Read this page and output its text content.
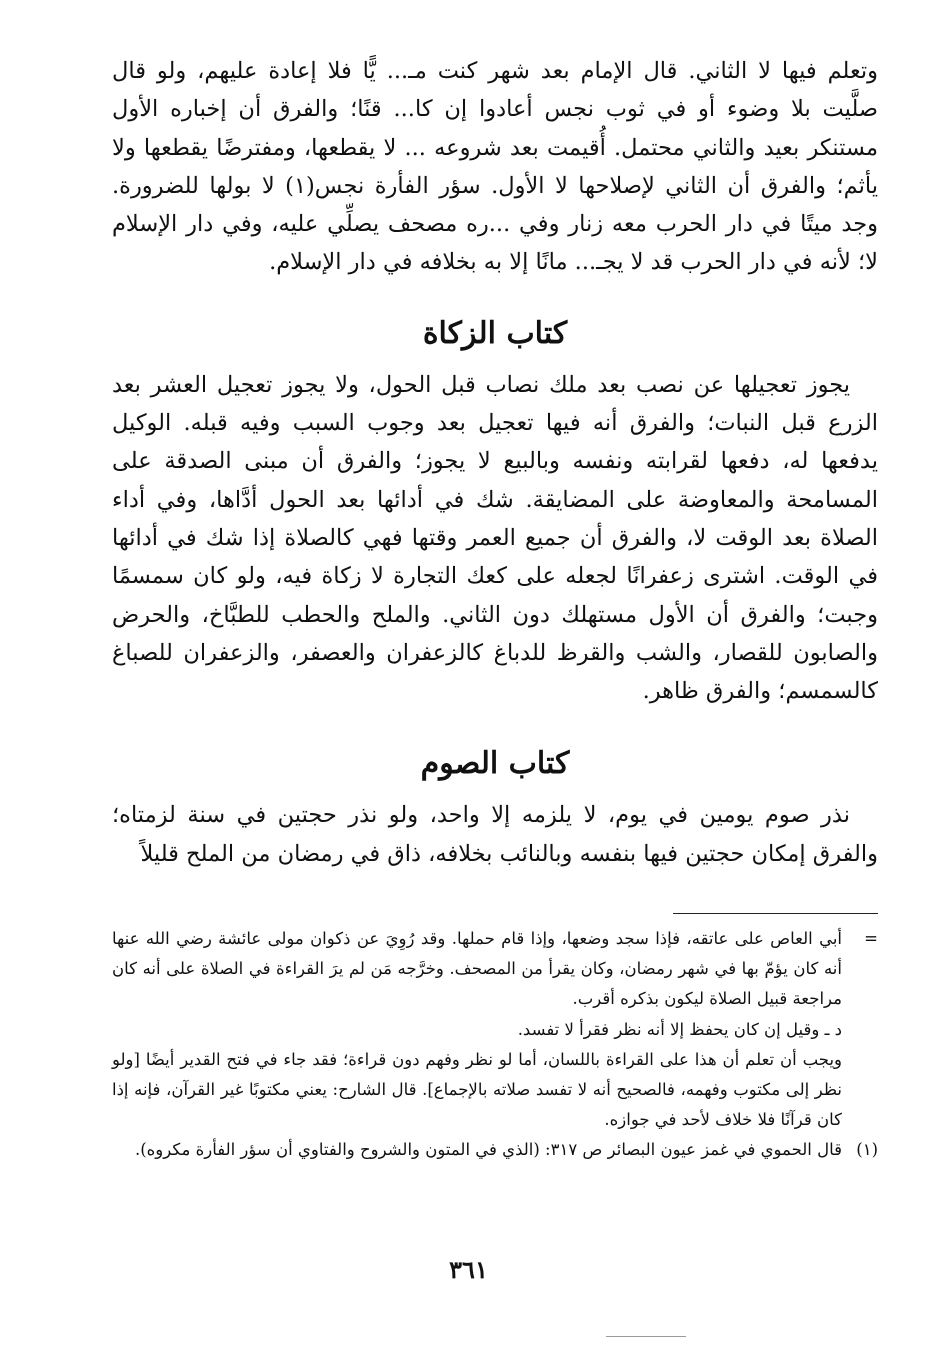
وتعلم فيها لا الثاني. قال الإمام بعد شهر كنت مـ... يًّا فلا إعادة عليهم، ولو قال صلَّيت بلا وضوء أو في ثوب نجس أعادوا إن كا... قنًا؛ والفرق أن إخباره الأول مستنكر بعيد والثاني محتمل. أُقيمت بعد شروعه ... لا يقطعها، ومفترضًا يقطعها ولا يأثم؛ والفرق أن الثاني لإصلاحها لا الأول. سؤر الفأرة نجس(١) لا بولها للضرورة. وجد ميتًا في دار الحرب معه زنار وفي ...ره مصحف يصلِّي عليه، وفي دار الإسلام لا؛ لأنه في دار الحرب قد لا يجـ... مانًا إلا به بخلافه في دار الإسلام.

كتاب الزكاة

يجوز تعجيلها عن نصب بعد ملك نصاب قبل الحول، ولا يجوز تعجيل العشر بعد الزرع قبل النبات؛ والفرق أنه فيها تعجيل بعد وجوب السبب وفيه قبله. الوكيل يدفعها له، دفعها لقرابته ونفسه وبالبيع لا يجوز؛ والفرق أن مبنى الصدقة على المسامحة والمعاوضة على المضايقة. شك في أدائها بعد الحول أدَّاها، وفي أداء الصلاة بعد الوقت لا، والفرق أن جميع العمر وقتها فهي كالصلاة إذا شك في أدائها في الوقت. اشترى زعفرانًا لجعله على كعك التجارة لا زكاة فيه، ولو كان سمسمًا وجبت؛ والفرق أن الأول مستهلك دون الثاني. والملح والحطب للطبَّاخ، والحرض والصابون للقصار، والشب والقرظ للدباغ كالزعفران والعصفر، والزعفران للصباغ كالسمسم؛ والفرق ظاهر.

كتاب الصوم

نذر صوم يومين في يوم، لا يلزمه إلا واحد، ولو نذر حجتين في سنة لزمتاه؛ والفرق إمكان حجتين فيها بنفسه وبالنائب بخلافه، ذاق في رمضان من الملح قليلاً

=

أبي العاص على عاتقه، فإذا سجد وضعها، وإذا قام حملها. وقد رُوِيَ عن ذكوان مولى عائشة رضي الله عنها أنه كان يؤمّ بها في شهر رمضان، وكان يقرأ من المصحف. وخرَّجه مَن لم يرَ القراءة في الصلاة على أنه كان مراجعة قبيل الصلاة ليكون بذكره أقرب.

د ـ وقيل إن كان يحفظ إلا أنه نظر فقرأ لا تفسد.

ويجب أن تعلم أن هذا على القراءة باللسان، أما لو نظر وفهم دون قراءة؛ فقد جاء في فتح القدير أيضًا [ولو نظر إلى مكتوب وفهمه، فالصحيح أنه لا تفسد صلاته بالإجماع]. قال الشارح: يعني مكتوبًا غير القرآن، فإنه إذا كان قرآنًا فلا خلاف لأحد في جوازه.

(١)

قال الحموي في غمز عيون البصائر ص ٣١٧: (الذي في المتون والشروح والفتاوي أن سؤر الفأرة مكروه).

٣٦١
